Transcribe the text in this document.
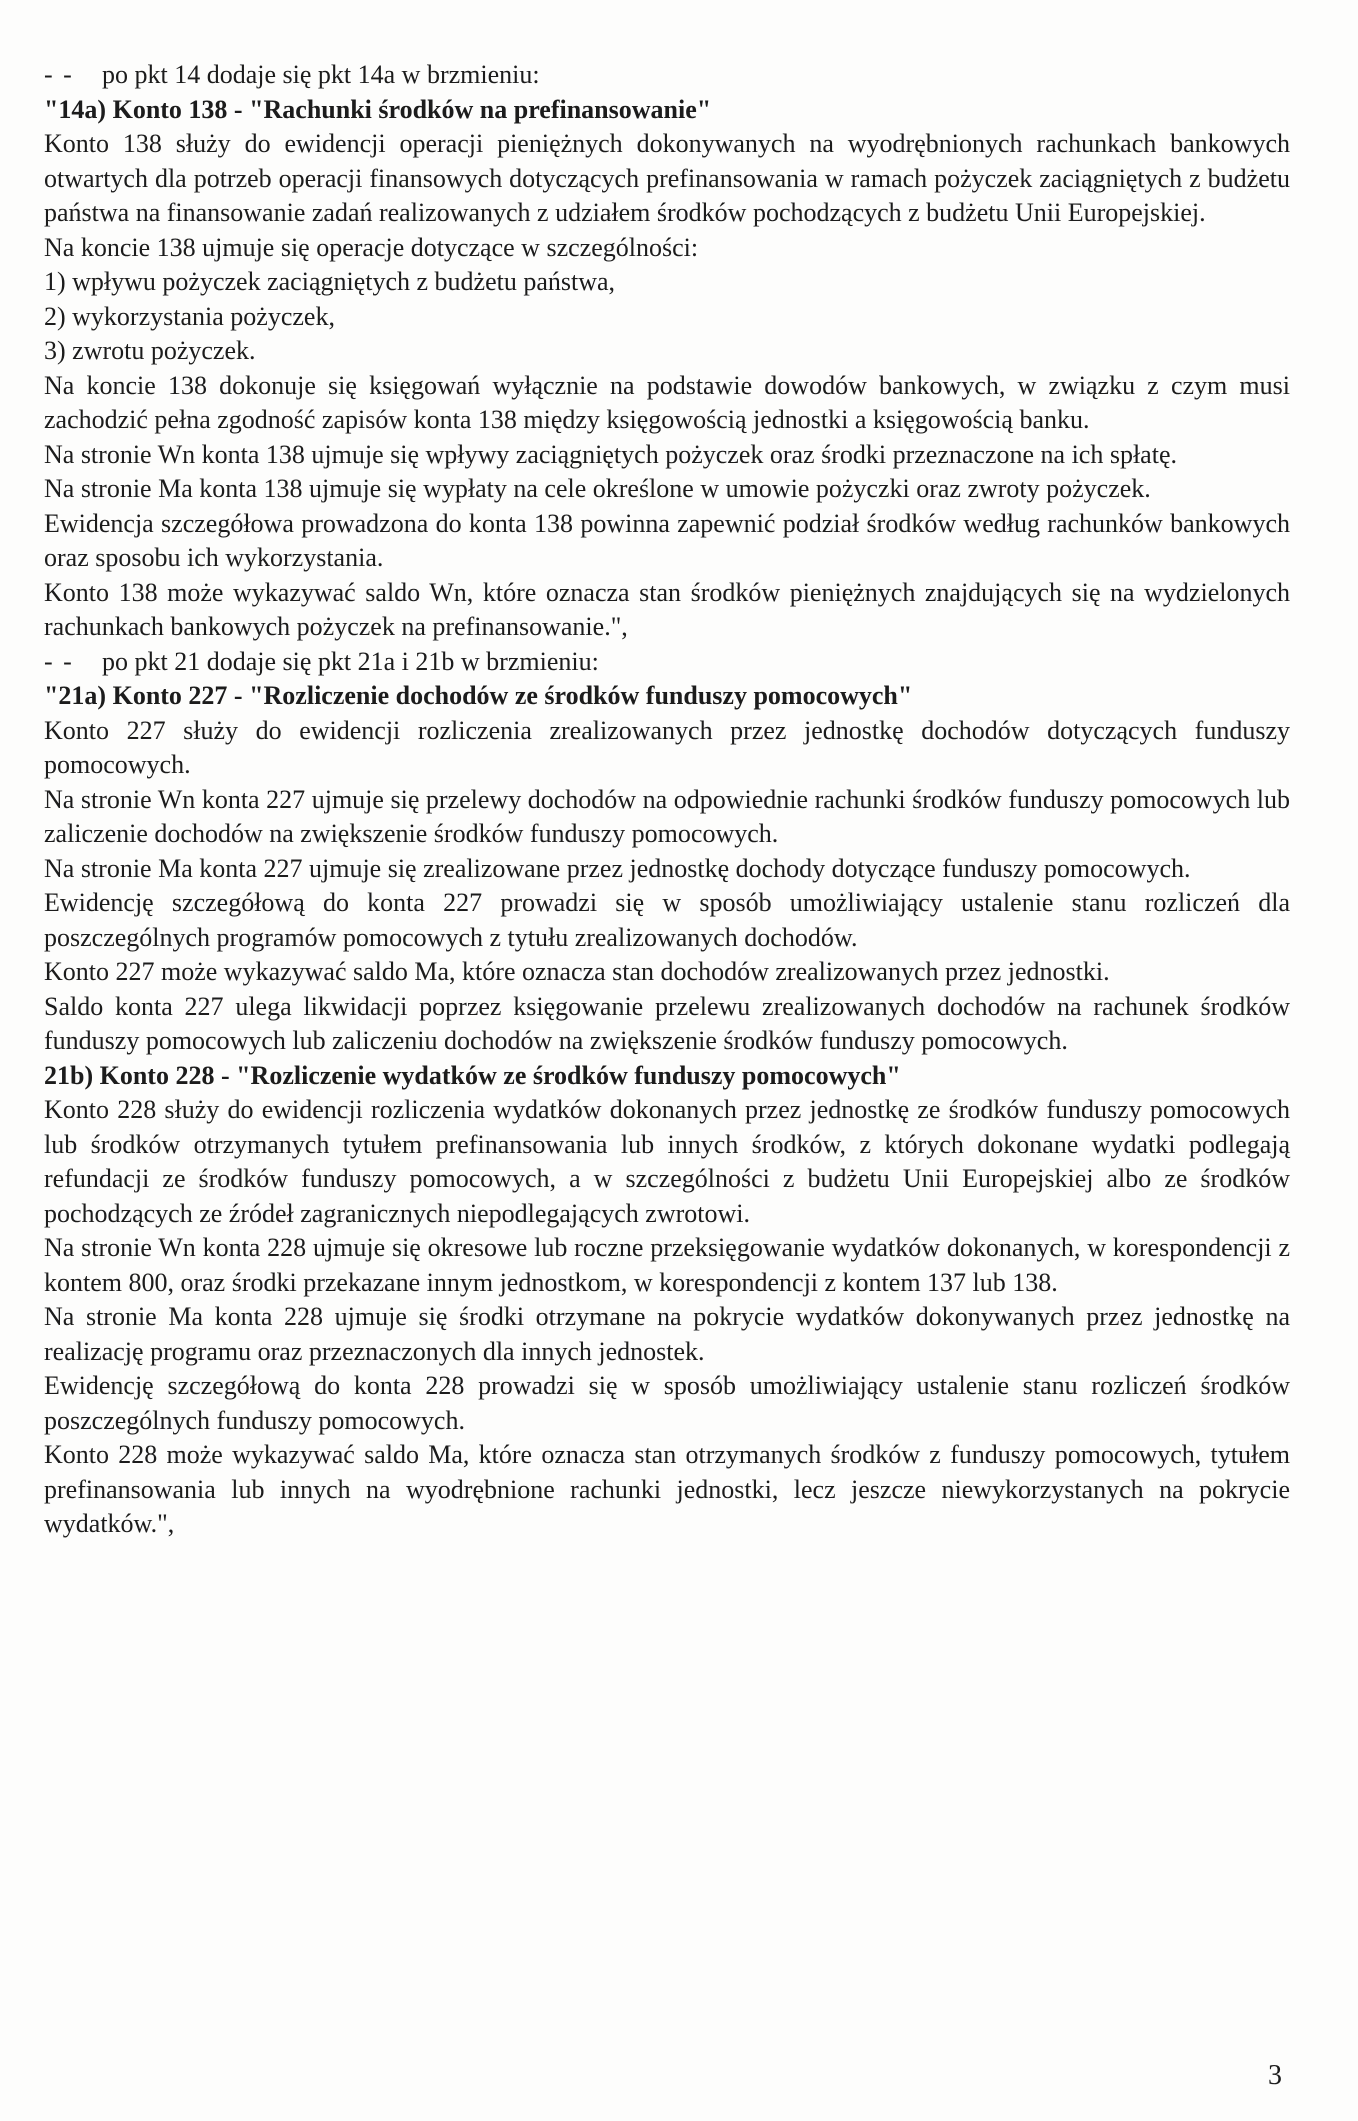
- - po pkt 14 dodaje się pkt 14a w brzmieniu:

"14a) Konto 138 - "Rachunki środków na prefinansowanie"

Konto 138 służy do ewidencji operacji pieniężnych dokonywanych na wyodrębnionych rachunkach bankowych otwartych dla potrzeb operacji finansowych dotyczących prefinansowania w ramach pożyczek zaciągniętych z budżetu państwa na finansowanie zadań realizowanych z udziałem środków pochodzących z budżetu Unii Europejskiej.

Na koncie 138 ujmuje się operacje dotyczące w szczególności:

1) wpływu pożyczek zaciągniętych z budżetu państwa,

2) wykorzystania pożyczek,

3) zwrotu pożyczek.

Na koncie 138 dokonuje się księgowań wyłącznie na podstawie dowodów bankowych, w związku z czym musi zachodzić pełna zgodność zapisów konta 138 między księgowością jednostki a księgowością banku.

Na stronie Wn konta 138 ujmuje się wpływy zaciągniętych pożyczek oraz środki przeznaczone na ich spłatę.

Na stronie Ma konta 138 ujmuje się wypłaty na cele określone w umowie pożyczki oraz zwroty pożyczek.

Ewidencja szczegółowa prowadzona do konta 138 powinna zapewnić podział środków według rachunków bankowych oraz sposobu ich wykorzystania.

Konto 138 może wykazywać saldo Wn, które oznacza stan środków pieniężnych znajdujących się na wydzielonych rachunkach bankowych pożyczek na prefinansowanie.",

- - po pkt 21 dodaje się pkt 21a i 21b w brzmieniu:

"21a) Konto 227 - "Rozliczenie dochodów ze środków funduszy pomocowych"

Konto 227 służy do ewidencji rozliczenia zrealizowanych przez jednostkę dochodów dotyczących funduszy pomocowych.

Na stronie Wn konta 227 ujmuje się przelewy dochodów na odpowiednie rachunki środków funduszy pomocowych lub zaliczenie dochodów na zwiększenie środków funduszy pomocowych.

Na stronie Ma konta 227 ujmuje się zrealizowane przez jednostkę dochody dotyczące funduszy pomocowych.

Ewidencję szczegółową do konta 227 prowadzi się w sposób umożliwiający ustalenie stanu rozliczeń dla poszczególnych programów pomocowych z tytułu zrealizowanych dochodów.

Konto 227 może wykazywać saldo Ma, które oznacza stan dochodów zrealizowanych przez jednostki.

Saldo konta 227 ulega likwidacji poprzez księgowanie przelewu zrealizowanych dochodów na rachunek środków funduszy pomocowych lub zaliczeniu dochodów na zwiększenie środków funduszy pomocowych.

21b) Konto 228 - "Rozliczenie wydatków ze środków funduszy pomocowych"

Konto 228 służy do ewidencji rozliczenia wydatków dokonanych przez jednostkę ze środków funduszy pomocowych lub środków otrzymanych tytułem prefinansowania lub innych środków, z których dokonane wydatki podlegają refundacji ze środków funduszy pomocowych, a w szczególności z budżetu Unii Europejskiej albo ze środków pochodzących ze źródeł zagranicznych niepodlegających zwrotowi.

Na stronie Wn konta 228 ujmuje się okresowe lub roczne przeksięgowanie wydatków dokonanych, w korespondencji z kontem 800, oraz środki przekazane innym jednostkom, w korespondencji z kontem 137 lub 138.

Na stronie Ma konta 228 ujmuje się środki otrzymane na pokrycie wydatków dokonywanych przez jednostkę na realizację programu oraz przeznaczonych dla innych jednostek.

Ewidencję szczegółową do konta 228 prowadzi się w sposób umożliwiający ustalenie stanu rozliczeń środków poszczególnych funduszy pomocowych.

Konto 228 może wykazywać saldo Ma, które oznacza stan otrzymanych środków z funduszy pomocowych, tytułem prefinansowania lub innych na wyodrębnione rachunki jednostki, lecz jeszcze niewykorzystanych na pokrycie wydatków.",

3
